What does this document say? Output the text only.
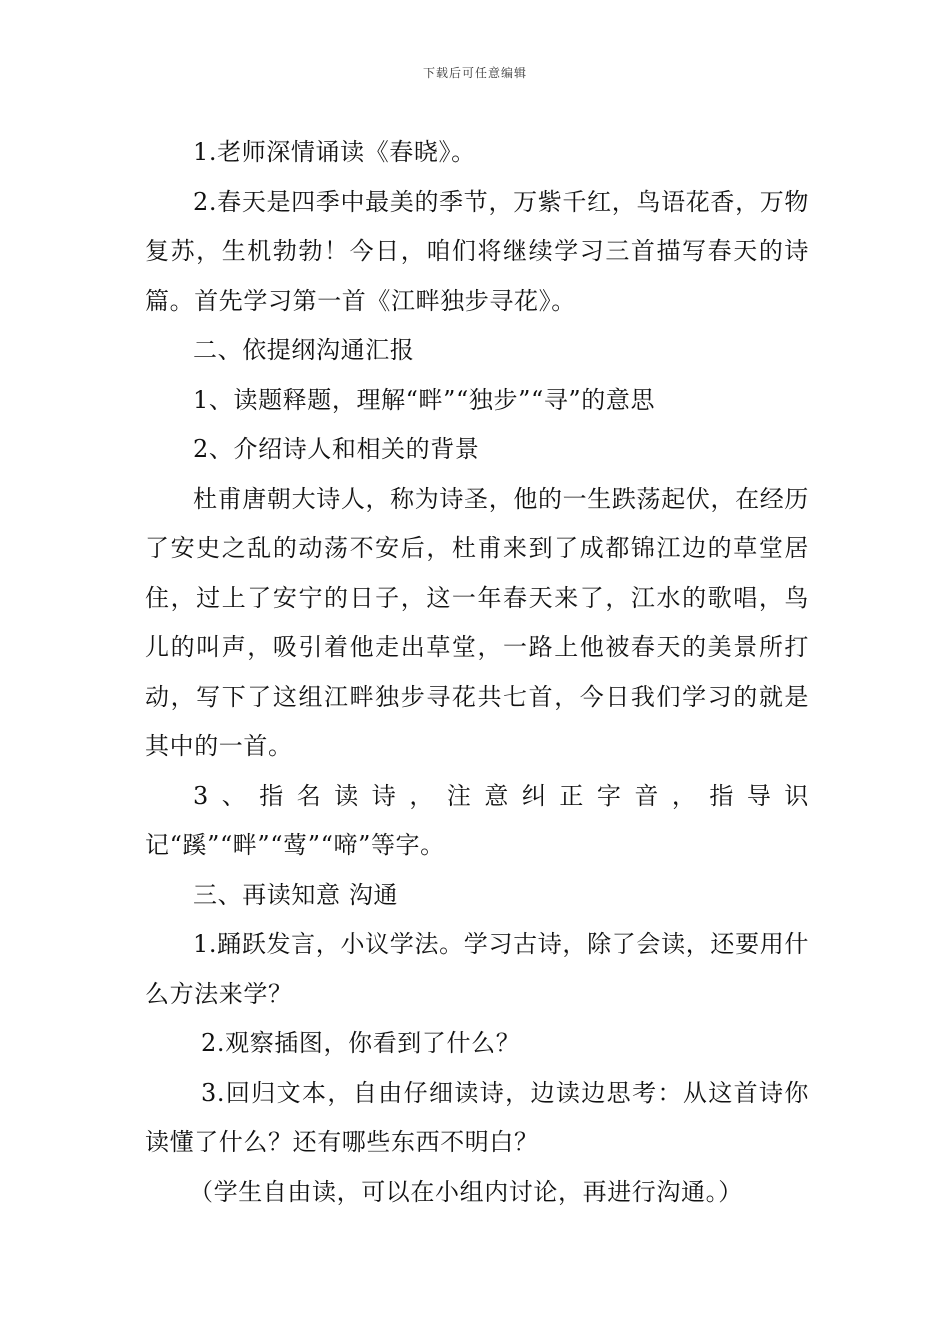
下载后可任意编辑

1.老师深情诵读《春晓》。

2.春天是四季中最美的季节，万紫千红，鸟语花香，万物复苏，生机勃勃！今日，咱们将继续学习三首描写春天的诗篇。首先学习第一首《江畔独步寻花》。

二、依提纲沟通汇报

1、读题释题，理解“畔”“独步”“寻”的意思

2、介绍诗人和相关的背景

杜甫唐朝大诗人，称为诗圣，他的一生跌荡起伏，在经历了安史之乱的动荡不安后，杜甫来到了成都锦江边的草堂居住，过上了安宁的日子，这一年春天来了，江水的歌唱，鸟儿的叫声，吸引着他走出草堂，一路上他被春天的美景所打动，写下了这组江畔独步寻花共七首，今日我们学习的就是其中的一首。

3、指名读诗，注意纠正字音，指导识记“蹊”“畔”“莺”“啼”等字。

三、再读知意 沟通

1.踊跃发言，小议学法。学习古诗，除了会读，还要用什么方法来学？

2.观察插图，你看到了什么？

3.回归文本，自由仔细读诗，边读边思考：从这首诗你读懂了什么？还有哪些东西不明白？

（学生自由读，可以在小组内讨论，再进行沟通。）
